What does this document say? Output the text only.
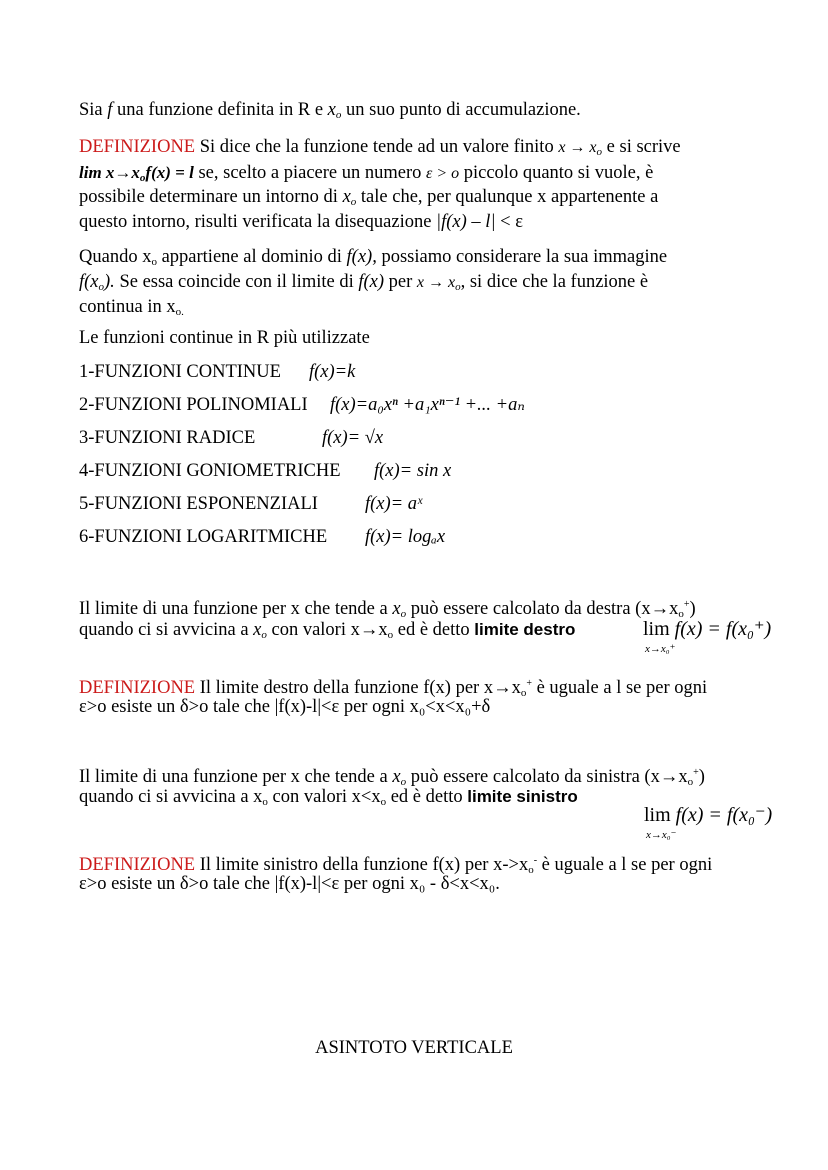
Sia f una funzione definita in R e $x_o$ un suo punto di accumulazione.
DEFINIZIONE Si dice che la funzione tende ad un valore finito $x \to x_o$ e si scrive
$\lim x\to x_of(x) = l$ se, scelto a piacere un numero ε > o piccolo quanto si vuole, è
possibile determinare un intorno di $x_o$ tale che, per qualunque x appartenente a
questo intorno, risulti verificata la disequazione |f(x) – l| < ε
Quando $x_o$ appartiene al dominio di f(x), possiamo considerare la sua immagine
$f(x_o)$. Se essa coincide con il limite di f(x) per $x \to x_o$, si dice che la funzione è
continua in $x_{o.}$
Le funzioni continue in R più utilizzate
1-FUNZIONI CONTINUE f(x)=k
2-FUNZIONI POLINOMIALI f(x)=a₀xⁿ +a₁xⁿ⁻¹ +... +aₙ
3-FUNZIONI RADICE	f(x)= √x
4-FUNZIONI GONIOMETRICHE f(x)= sin x
5-FUNZIONI ESPONENZIALI	f(x)= aˣ
6-FUNZIONI LOGARITMICHE f(x)= logₐx
Il limite di una funzione per x che tende a $x_o$ può essere calcolato da destra $(x\to x_o^+)$
quando ci si avvicina a $x_o$ con valori $x\to x_o$ ed è detto limite destro	lim
x→x₀⁺
f(x) = f(x₀⁺)
DEFINIZIONE Il limite destro della funzione f(x) per $x\to x_o^+$ è uguale a l se per ogni
ε>o esiste un δ>o tale che |f(x)-l|<ε per ogni x₀<x<x₀+δ
Il limite di una funzione per x che tende a $x_o$ può essere calcolato da sinistra $(x\to x_o^+)$
quando ci si avvicina a $x_o$ con valori $x<x_o$ ed è detto limite sinistro
lim
x→x₀⁻
f(x) = f(x₀⁻)
DEFINIZIONE Il limite sinistro della funzione f(x) per $x->x_o^-$ è uguale a l se per ogni
ε>o esiste un δ>o tale che |f(x)-l|<ε per ogni x₀ - δ<x<x₀.
ASINTOTO VERTICALE
